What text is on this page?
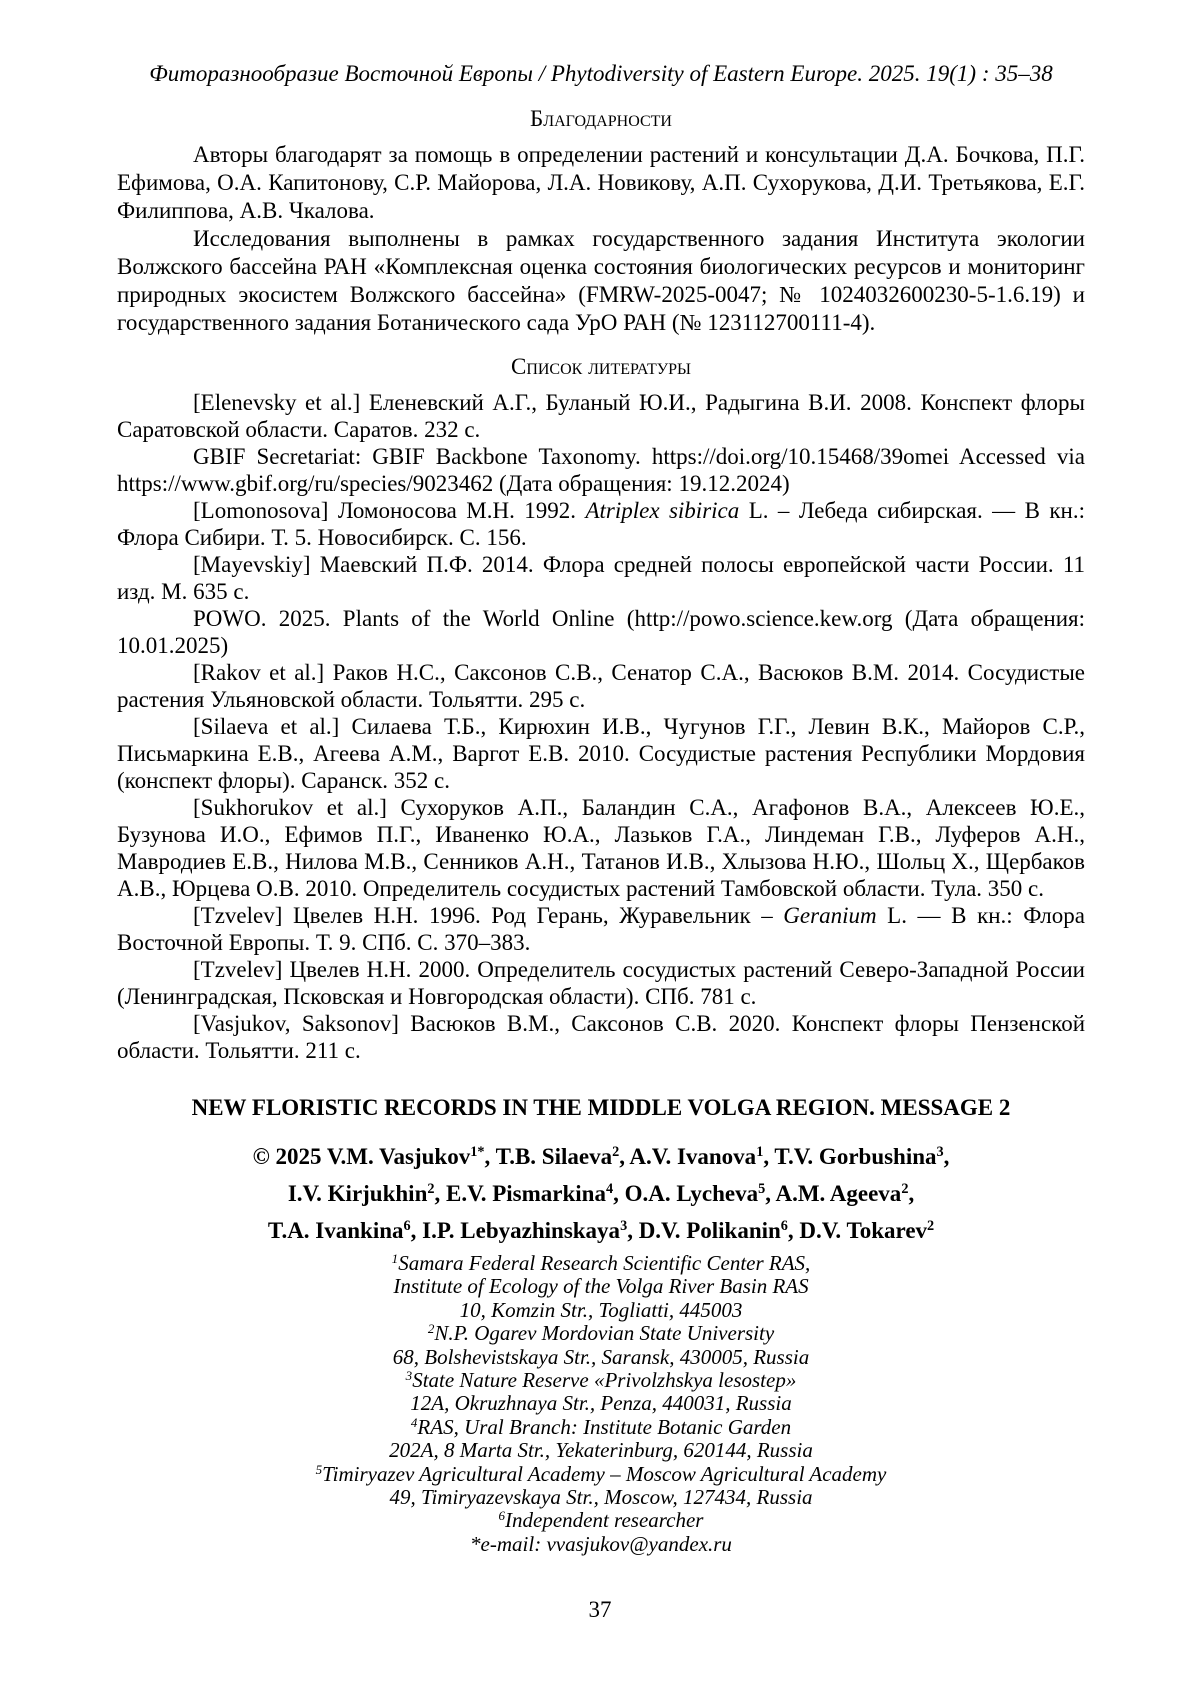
Фиторазнообразие Восточной Европы / Phytodiversity of Eastern Europe. 2025. 19(1) : 35–38

Благодарности

Авторы благодарят за помощь в определении растений и консультации Д.А. Бочкова, П.Г. Ефимова, О.А. Капитонову, С.Р. Майорова, Л.А. Новикову, А.П. Сухорукова, Д.И. Третьякова, Е.Г. Филиппова, А.В. Чкалова.

Исследования выполнены в рамках государственного задания Института экологии Волжского бассейна РАН «Комплексная оценка состояния биологических ресурсов и мониторинг природных экосистем Волжского бассейна» (FMRW-2025-0047; № 1024032600230-5-1.6.19) и государственного задания Ботанического сада УрО РАН (№ 123112700111-4).

Список литературы

[Elenevsky et al.] Еленевский А.Г., Буланый Ю.И., Радыгина В.И. 2008. Конспект флоры Саратовской области. Саратов. 232 с.

GBIF Secretariat: GBIF Backbone Taxonomy. https://doi.org/10.15468/39omei Accessed via https://www.gbif.org/ru/species/9023462 (Дата обращения: 19.12.2024)

[Lomonosova] Ломоносова М.Н. 1992. Atriplex sibirica L. – Лебеда сибирская. — В кн.: Флора Сибири. Т. 5. Новосибирск. С. 156.

[Mayevskiy] Маевский П.Ф. 2014. Флора средней полосы европейской части России. 11 изд. М. 635 с.

POWO. 2025. Plants of the World Online (http://powo.science.kew.org (Дата обращения: 10.01.2025)

[Rakov et al.] Раков Н.С., Саксонов С.В., Сенатор С.А., Васюков В.М. 2014. Сосудистые растения Ульяновской области. Тольятти. 295 с.

[Silaeva et al.] Силаева Т.Б., Кирюхин И.В., Чугунов Г.Г., Левин В.К., Майоров С.Р., Письмаркина Е.В., Агеева А.М., Варгот Е.В. 2010. Сосудистые растения Республики Мордовия (конспект флоры). Саранск. 352 с.

[Sukhorukov et al.] Сухоруков А.П., Баландин С.А., Агафонов В.А., Алексеев Ю.Е., Бузунова И.О., Ефимов П.Г., Иваненко Ю.А., Лазьков Г.А., Линдеман Г.В., Луферов А.Н., Мавродиев Е.В., Нилова М.В., Сенников А.Н., Татанов И.В., Хлызова Н.Ю., Шольц Х., Щербаков А.В., Юрцева О.В. 2010. Определитель сосудистых растений Тамбовской области. Тула. 350 с.

[Tzvelev] Цвелев Н.Н. 1996. Род Герань, Журавельник – Geranium L. — В кн.: Флора Восточной Европы. Т. 9. СПб. С. 370–383.

[Tzvelev] Цвелев Н.Н. 2000. Определитель сосудистых растений Северо-Западной России (Ленинградская, Псковская и Новгородская области). СПб. 781 с.

[Vasjukov, Saksonov] Васюков В.М., Саксонов С.В. 2020. Конспект флоры Пензенской области. Тольятти. 211 с.

NEW FLORISTIC RECORDS IN THE MIDDLE VOLGA REGION. MESSAGE 2

© 2025 V.M. Vasjukov$^{1*}$, T.B. Silaeva$^2$, A.V. Ivanova$^1$, T.V. Gorbushina$^3$,

I.V. Kirjukhin$^2$, E.V. Pismarkina$^4$, O.A. Lycheva$^5$, A.M. Ageeva$^2$,

T.A. Ivankina$^6$, I.P. Lebyazhinskaya$^3$, D.V. Polikanin$^6$, D.V. Tokarev$^2$

$^1$Samara Federal Research Scientific Center RAS,

Institute of Ecology of the Volga River Basin RAS

10, Komzin Str., Togliatti, 445003

$^2$N.P. Ogarev Mordovian State University

68, Bolshevistskaya Str., Saransk, 430005, Russia

$^3$State Nature Reserve «Privolzhskya lesostep»

12A, Okruzhnaya Str., Penza, 440031, Russia

$^4$RAS, Ural Branch: Institute Botanic Garden

202A, 8 Marta Str., Yekaterinburg, 620144, Russia

$^5$Timiryazev Agricultural Academy – Moscow Agricultural Academy

49, Timiryazevskaya Str., Moscow, 127434, Russia

$^6$Independent researcher

*e-mail: vvasjukov@yandex.ru

37
